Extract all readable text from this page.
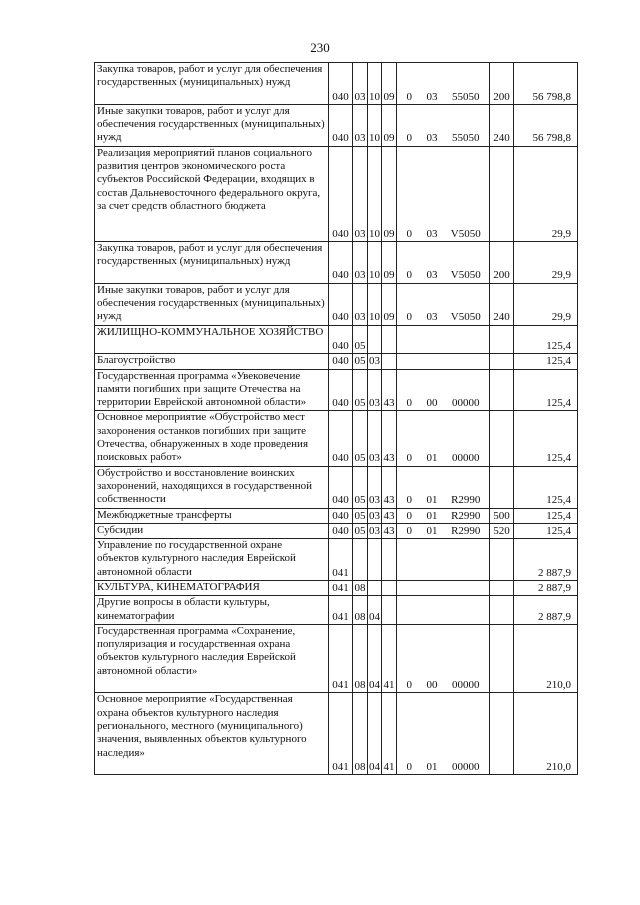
230
Закупка товаров, работ и услуг для обеспечения государственных (муниципальных) нужд	040	03	10	09	0	03	55050	200	56 798,8
Иные закупки товаров, работ и услуг для обеспечения государственных (муниципальных) нужд	040	03	10	09	0	03	55050	240	56 798,8
Реализация мероприятий планов социального развития центров экономического роста субъектов Российской Федерации, входящих в состав Дальневосточного федерального округа, за счет средств областного бюджета	040	03	10	09	0	03	V5050		29,9
Закупка товаров, работ и услуг для обеспечения государственных (муниципальных) нужд	040	03	10	09	0	03	V5050	200	29,9
Иные закупки товаров, работ и услуг для обеспечения государственных (муниципальных) нужд	040	03	10	09	0	03	V5050	240	29,9
ЖИЛИЩНО-КОММУНАЛЬНОЕ ХОЗЯЙСТВО	040	05							125,4
Благоустройство	040	05	03						125,4
Государственная программа «Увековечение памяти погибших при защите Отечества на территории Еврейской автономной области»	040	05	03	43	0	00	00000		125,4
Основное мероприятие «Обустройство мест захоронения останков погибших при защите Отечества, обнаруженных в ходе проведения поисковых работ»	040	05	03	43	0	01	00000		125,4
Обустройство и восстановление воинских захоронений, находящихся в государственной собственности	040	05	03	43	0	01	R2990		125,4
Межбюджетные трансферты	040	05	03	43	0	01	R2990	500	125,4
Субсидии	040	05	03	43	0	01	R2990	520	125,4
Управление по государственной охране объектов культурного наследия Еврейской автономной области	041								2 887,9
КУЛЬТУРА, КИНЕМАТОГРАФИЯ	041	08							2 887,9
Другие вопросы в области культуры, кинематографии	041	08	04						2 887,9
Государственная программа «Сохранение, популяризация и государственная охрана объектов культурного наследия Еврейской автономной области»	041	08	04	41	0	00	00000		210,0
Основное мероприятие «Государственная охрана объектов культурного наследия регионального, местного (муниципального) значения, выявленных объектов культурного наследия»	041	08	04	41	0	01	00000		210,0
